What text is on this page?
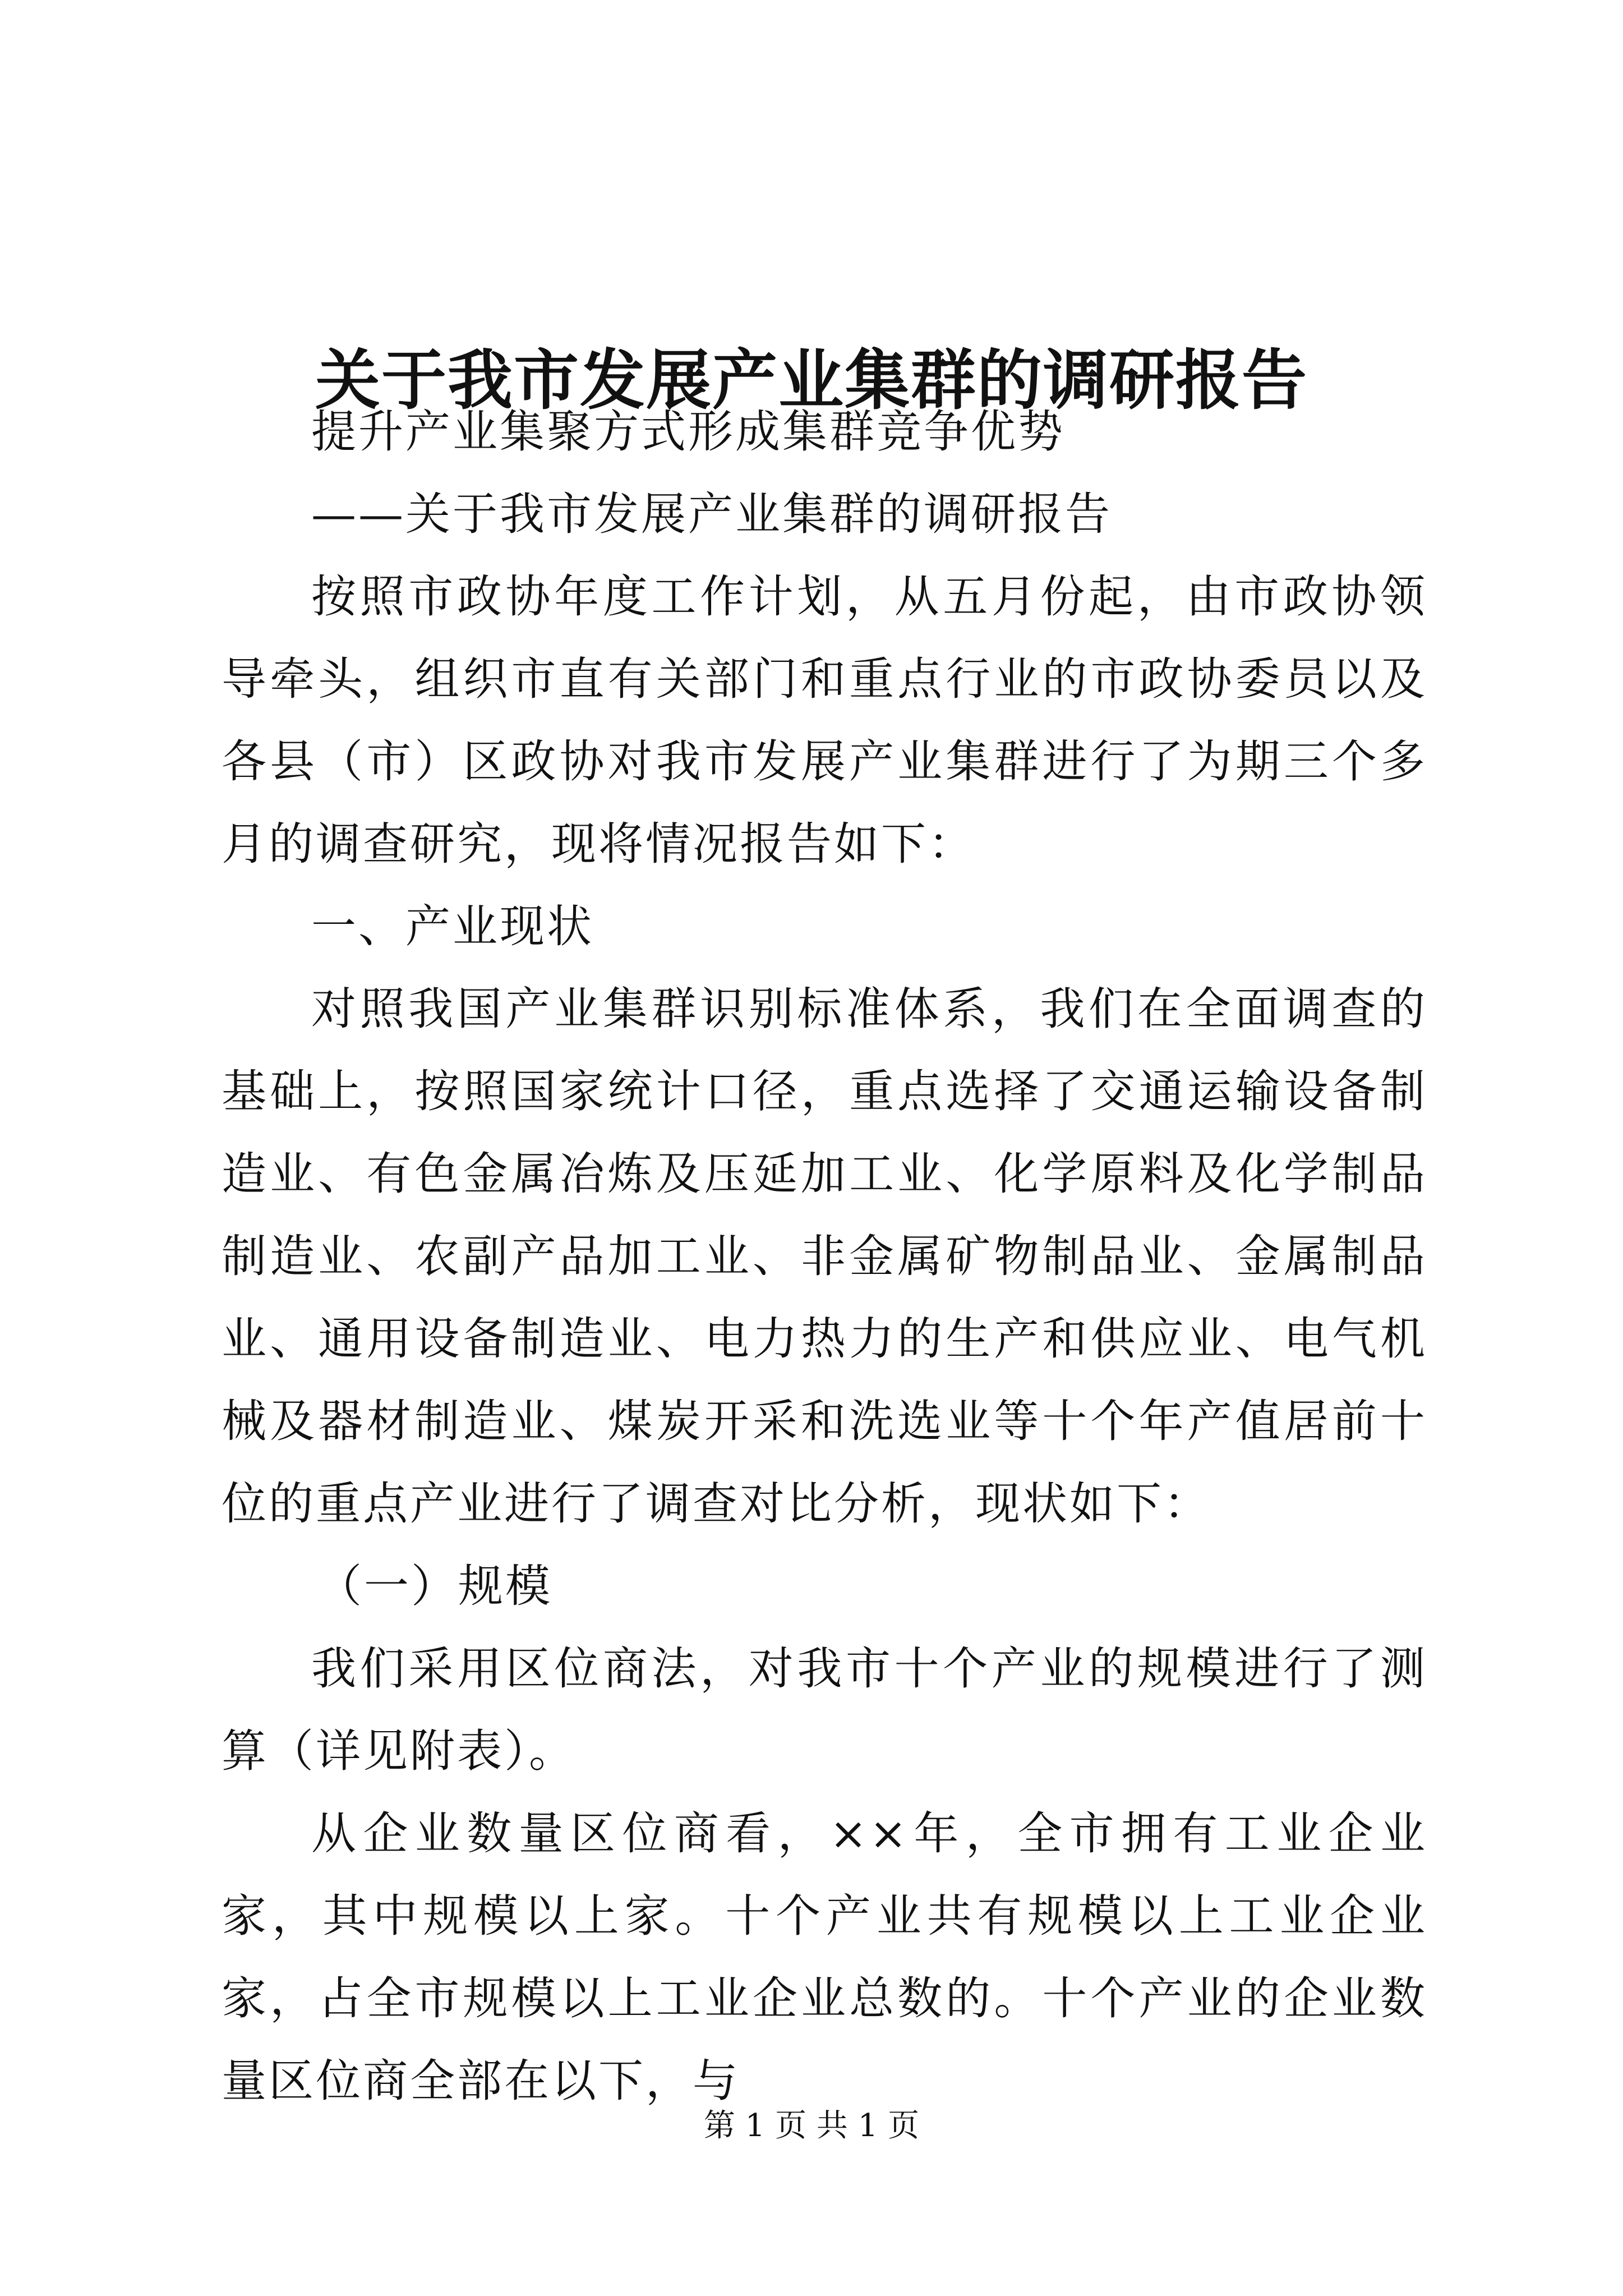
关于我市发展产业集群的调研报告

提升产业集聚方式形成集群竞争优势

——关于我市发展产业集群的调研报告

按照市政协年度工作计划，从五月份起，由市政协领导牵头，组织市直有关部门和重点行业的市政协委员以及各县（市）区政协对我市发展产业集群进行了为期三个多月的调查研究，现将情况报告如下：

一、产业现状

对照我国产业集群识别标准体系，我们在全面调查的基础上，按照国家统计口径，重点选择了交通运输设备制造业、有色金属冶炼及压延加工业、化学原料及化学制品制造业、农副产品加工业、非金属矿物制品业、金属制品业、通用设备制造业、电力热力的生产和供应业、电气机械及器材制造业、煤炭开采和洗选业等十个年产值居前十位的重点产业进行了调查对比分析，现状如下：

（一）规模

我们采用区位商法，对我市十个产业的规模进行了测算（详见附表）。

从企业数量区位商看，××年，全市拥有工业企业家，其中规模以上家。十个产业共有规模以上工业企业家，占全市规模以上工业企业总数的。十个产业的企业数量区位商全部在以下，与

第 1 页 共 1 页
